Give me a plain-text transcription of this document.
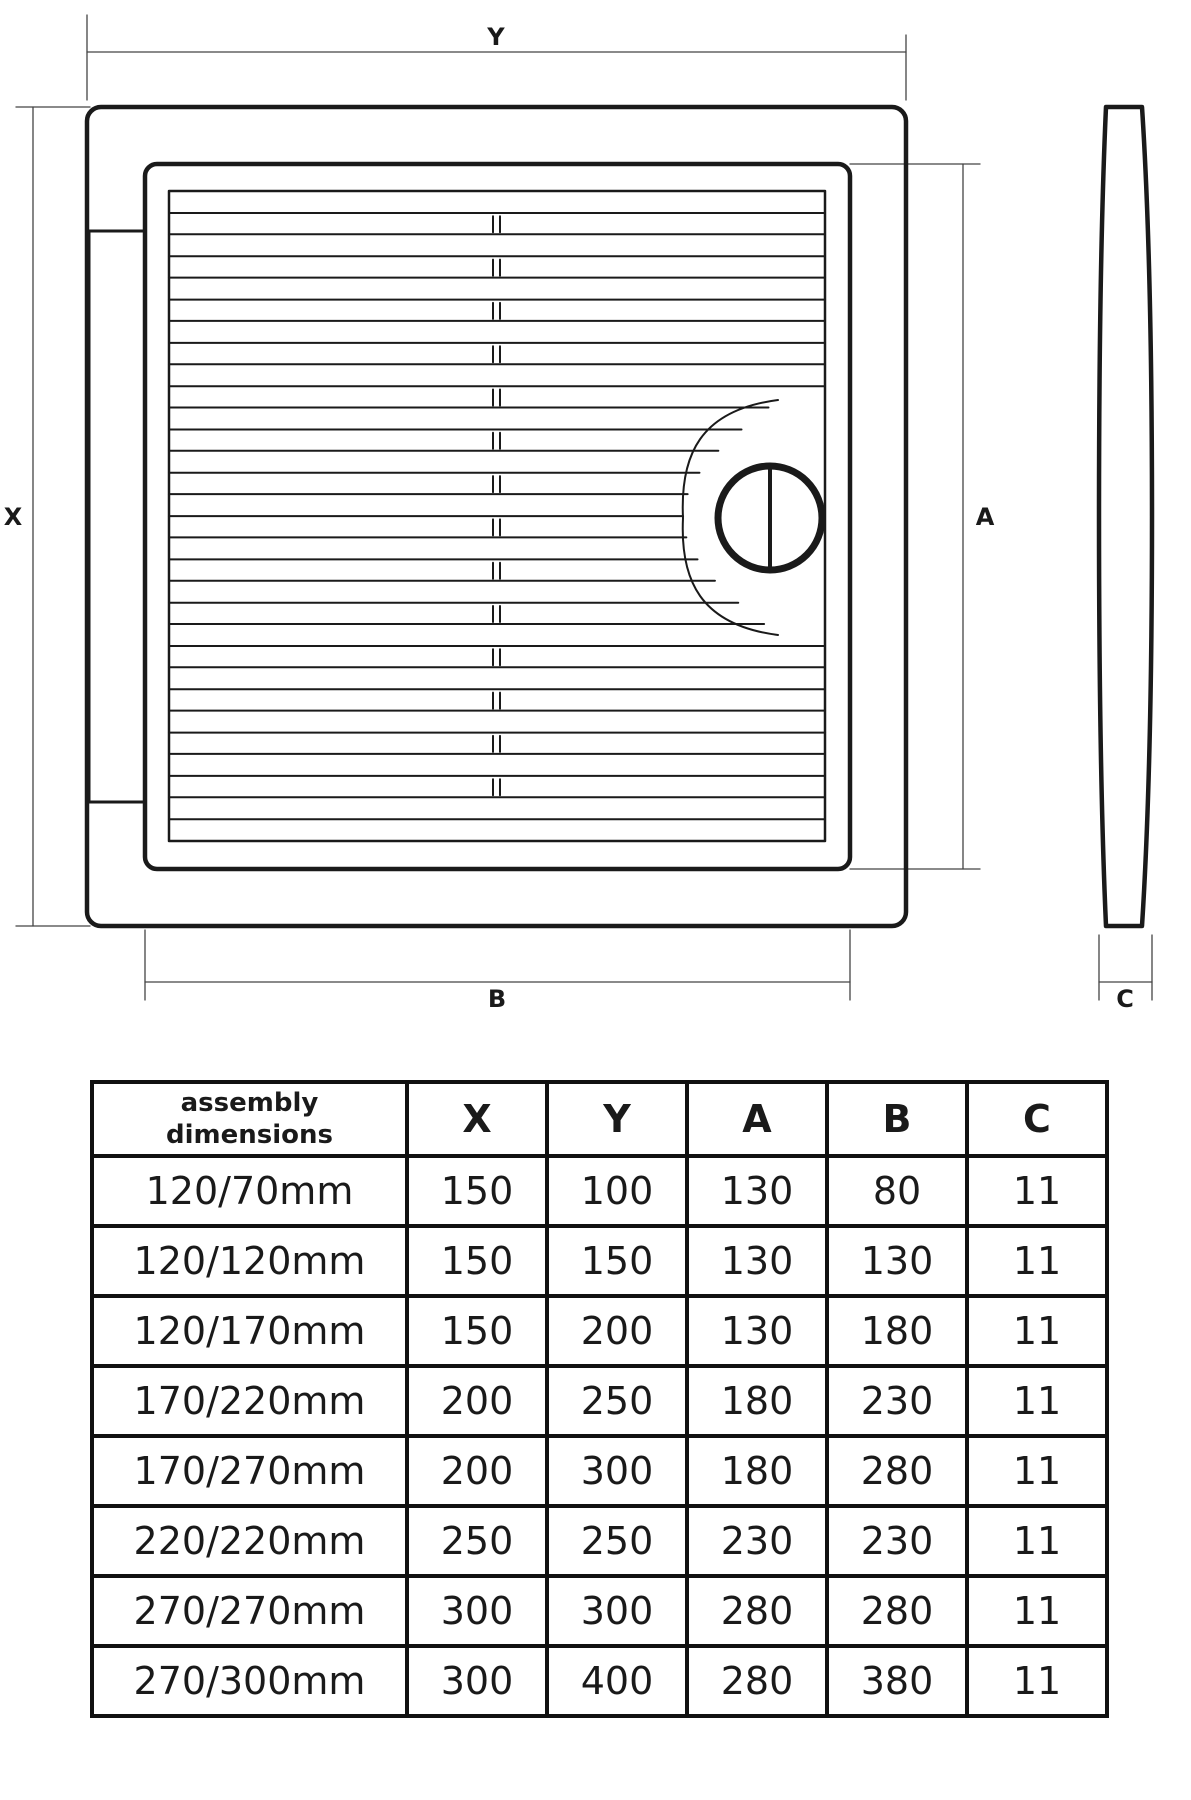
Y
X	A
B	C
assembly
dimensions	X	Y	A	B	C
120/70mm	150	100	130	80	11
120/120mm	150	150	130	130	11
120/170mm	150	200	130	180	11
170/220mm	200	250	180	230	11
170/270mm	200	300	180	280	11
220/220mm	250	250	230	230	11
270/270mm	300	300	280	280	11
270/300mm	300	400	280	380	11
